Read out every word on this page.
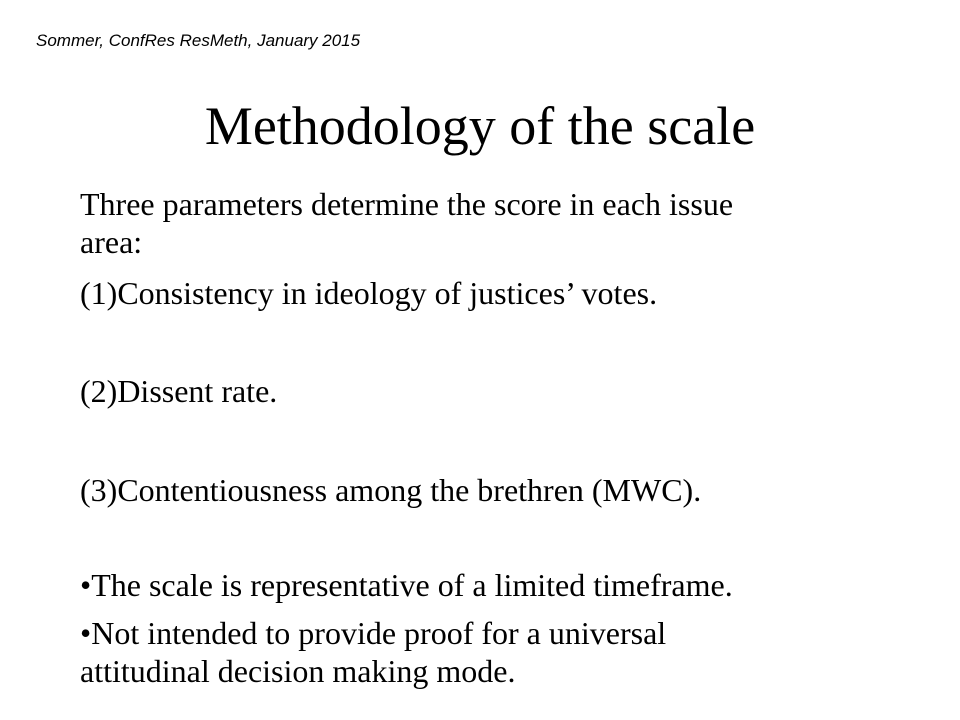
Sommer, ConfRes ResMeth, January 2015
Methodology of the scale
Three parameters determine the score in each issue
area:
(1)Consistency in ideology of justices’ votes.
(2)Dissent rate.
(3)Contentiousness among the brethren (MWC).
•The scale is representative of a limited timeframe.
•Not intended to provide proof for a universal
attitudinal decision making mode.
